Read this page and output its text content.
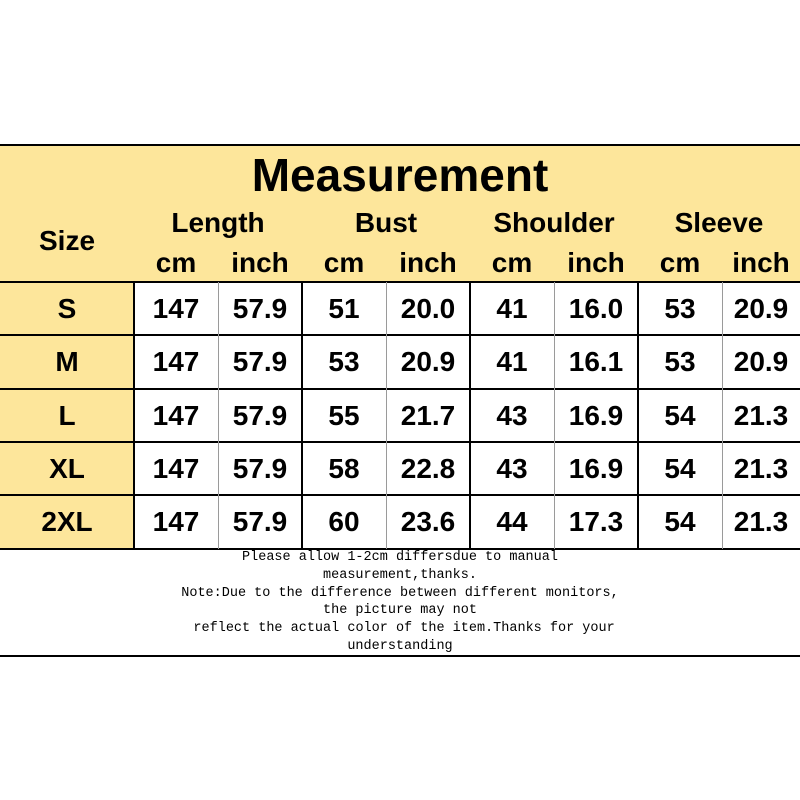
Measurement
Size
Length	Bust	Shoulder	Sleeve
cm	inch	cm	inch	cm	inch	cm	inch
S	147	57.9	51	20.0	41	16.0	53	20.9
M	147	57.9	53	20.9	41	16.1	53	20.9
L	147	57.9	55	21.7	43	16.9	54	21.3
XL	147	57.9	58	22.8	43	16.9	54	21.3
2XL	147	57.9	60	23.6	44	17.3	54	21.3
Please allow 1-2cm differsdue to manual
measurement,thanks.
Note:Due to the difference between different monitors,
the picture may not
reflect the actual color of the item.Thanks for your
understanding
